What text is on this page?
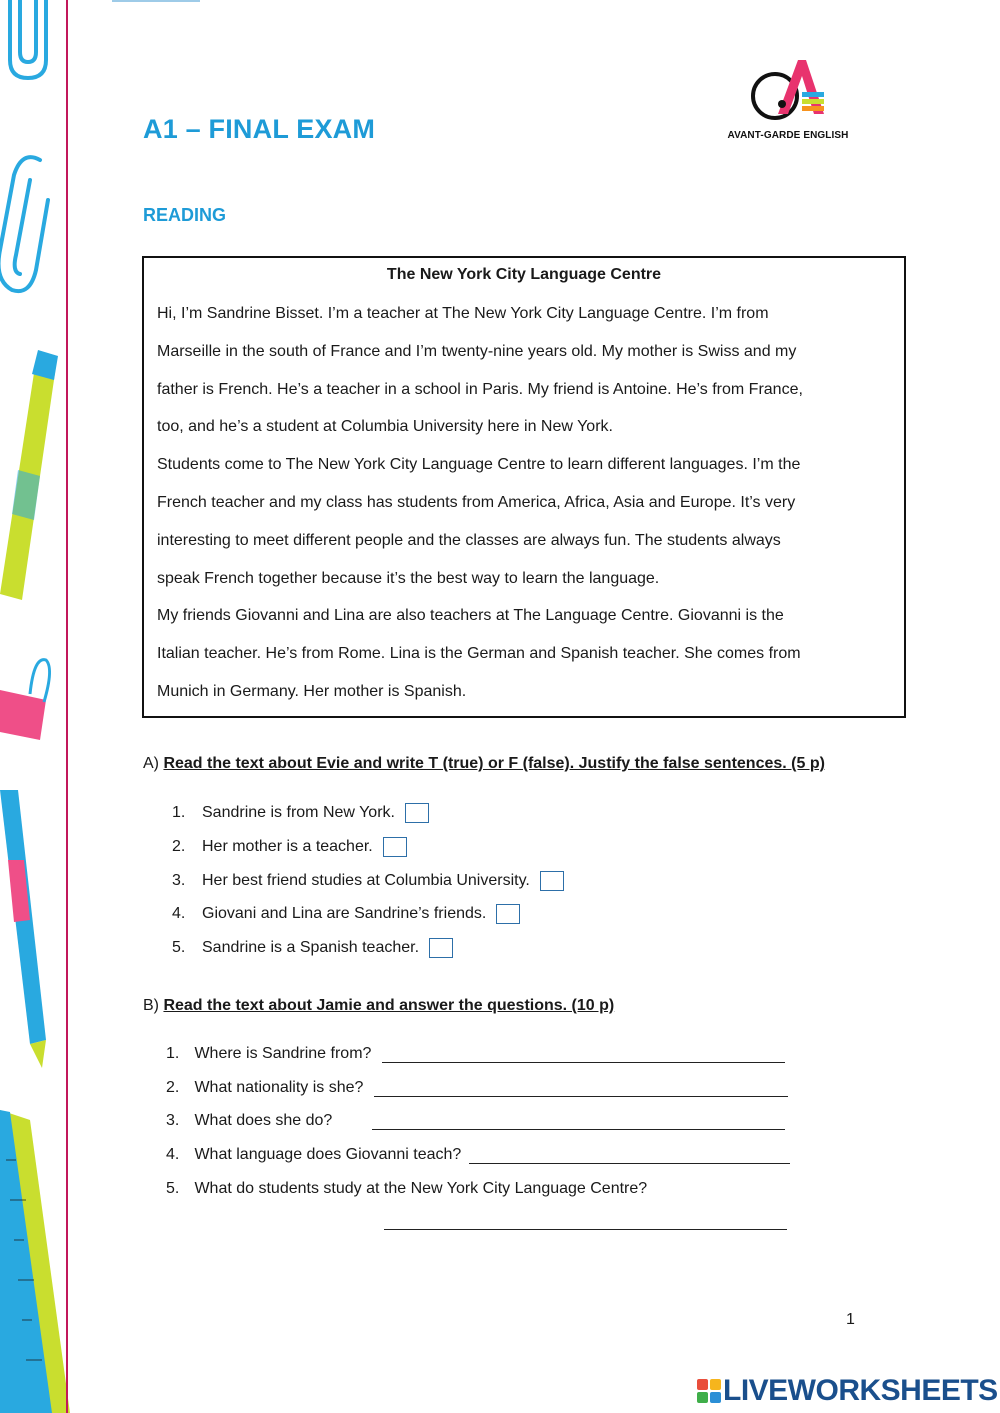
A1 – FINAL EXAM	AVANT-GARDE ENGLISH
READING
The New York City Language Centre
Hi, I’m Sandrine Bisset. I’m a teacher at The New York City Language Centre. I’m from
Marseille in the south of France and I’m twenty-nine years old. My mother is Swiss and my
father is French. He’s a teacher in a school in Paris. My friend is Antoine. He’s from France,
too, and he’s a student at Columbia University here in New York.
Students come to The New York City Language Centre to learn different languages. I’m the
French teacher and my class has students from America, Africa, Asia and Europe. It’s very
interesting to meet different people and the classes are always fun. The students always
speak French together because it’s the best way to learn the language.
My friends Giovanni and Lina are also teachers at The Language Centre. Giovanni is the
Italian teacher. He’s from Rome. Lina is the German and Spanish teacher. She comes from
Munich in Germany. Her mother is Spanish.
A) Read the text about Evie and write T (true) or F (false). Justify the false sentences. (5 p)
1.	Sandrine is from New York.
2.	Her mother is a teacher.
3.	Her best friend studies at Columbia University.
4.	Giovani and Lina are Sandrine’s friends.
5.	Sandrine is a Spanish teacher.
B) Read the text about Jamie and answer the questions. (10 p)
1. Where is Sandrine from?
2. What nationality is she?
3. What does she do?
4. What language does Giovanni teach?
5. What do students study at the New York City Language Centre?
1
LIVEWORKSHEETS
